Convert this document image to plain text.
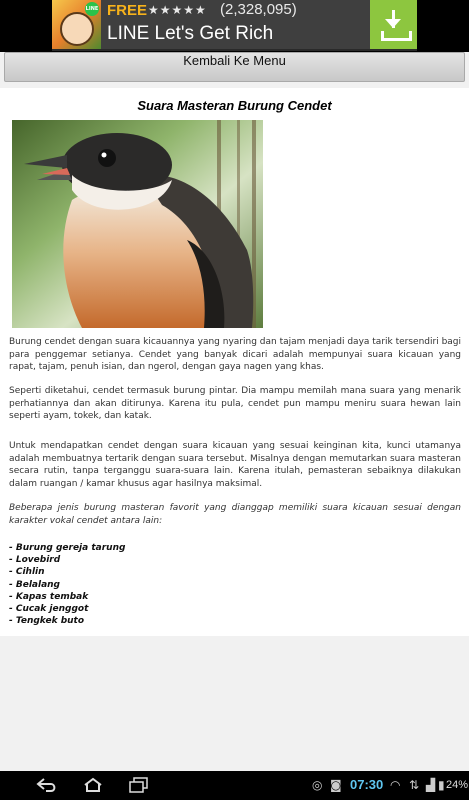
LINE FREE ★★★★★ (2,328,095)
LINE Let's Get Rich
Kembali Ke Menu
Suara Masteran Burung Cendet
Burung cendet dengan suara kicauannya yang nyaring dan tajam menjadi daya tarik tersendiri bagi para penggemar setianya. Cendet yang banyak dicari adalah mempunyai suara kicauan yang rapat, tajam, penuh isian, dan ngerol, dengan gaya nagen yang khas.
Seperti diketahui, cendet termasuk burung pintar. Dia mampu memilah mana suara yang menarik perhatiannya dan akan ditirunya. Karena itu pula, cendet pun mampu meniru suara hewan lain seperti ayam, tokek, dan katak.
Untuk mendapatkan cendet dengan suara kicauan yang sesuai keinginan kita, kunci utamanya adalah membuatnya tertarik dengan suara tersebut. Misalnya dengan memutarkan suara masteran secara rutin, tanpa terganggu suara-suara lain. Karena itulah, pemasteran sebaiknya dilakukan dalam ruangan / kamar khusus agar hasilnya maksimal.
Beberapa jenis burung masteran favorit yang dianggap memiliki suara kicauan sesuai dengan karakter vokal cendet antara lain:
- Burung gereja tarung
- Lovebird
- Cihlin
- Belalang
- Kapas tembak
- Cucak jenggot
- Tengkek buto
◎ ◙ 07:30 ◠ ⇅ ▟ ▮ 24%
